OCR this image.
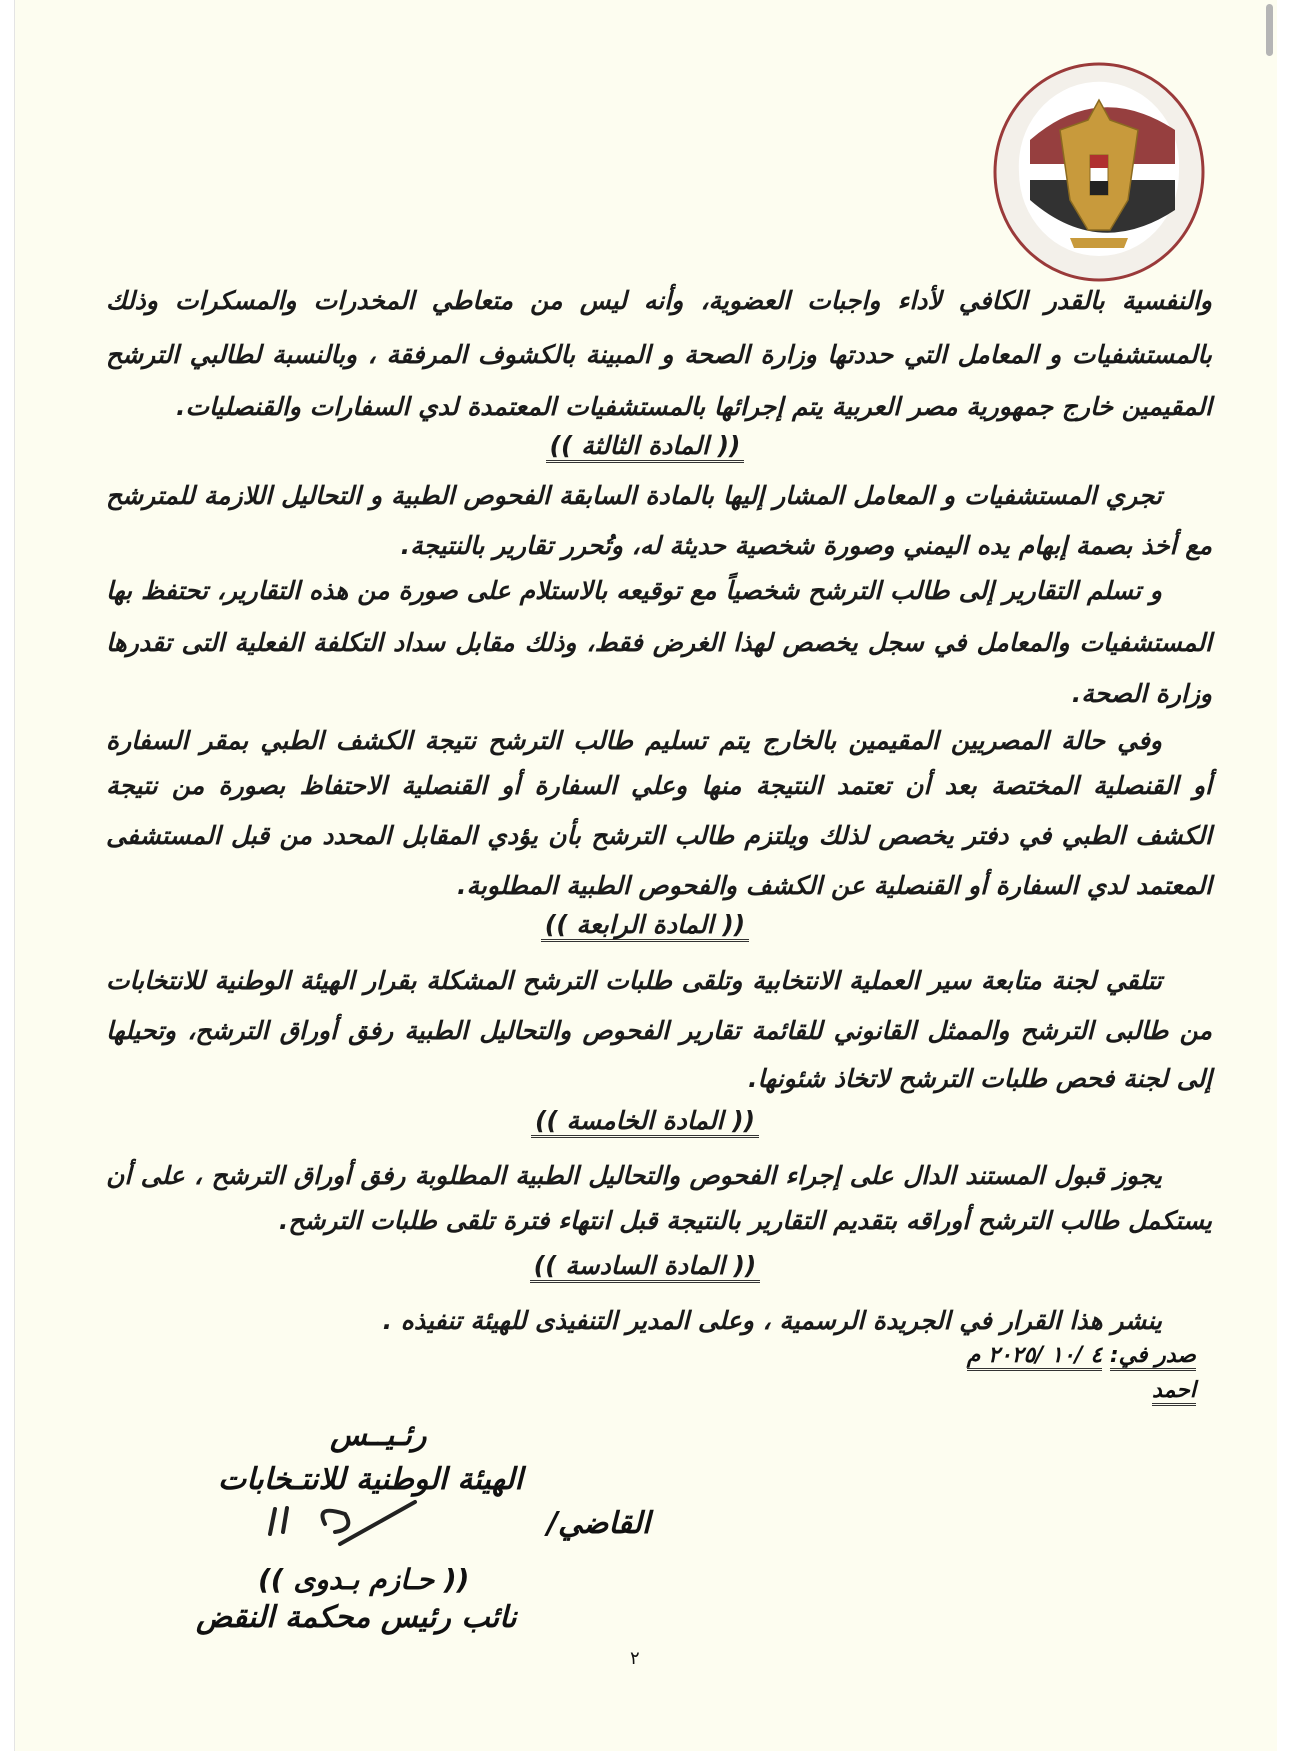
والنفسية بالقدر الكافي لأداء واجبات العضوية، وأنه ليس من متعاطي المخدرات والمسكرات وذلك
بالمستشفيات و المعامل التي حددتها وزارة الصحة و المبينة بالكشوف المرفقة ، وبالنسبة لطالبي الترشح
المقيمين خارج جمهورية مصر العربية يتم إجرائها بالمستشفيات المعتمدة لدي السفارات والقنصليات.
(( المادة الثالثة ))
تجري المستشفيات و المعامل المشار إليها بالمادة السابقة الفحوص الطبية و التحاليل اللازمة للمترشح
مع أخذ بصمة إبهام يده اليمني وصورة شخصية حديثة له، وتُحرر تقارير بالنتيجة.
و تسلم التقارير إلى طالب الترشح شخصياً مع توقيعه بالاستلام على صورة من هذه التقارير، تحتفظ بها
المستشفيات والمعامل في سجل يخصص لهذا الغرض فقط، وذلك مقابل سداد التكلفة الفعلية التى تقدرها
وزارة الصحة.
وفي حالة المصريين المقيمين بالخارج يتم تسليم طالب الترشح نتيجة الكشف الطبي بمقر السفارة
أو القنصلية المختصة بعد أن تعتمد النتيجة منها وعلي السفارة أو القنصلية الاحتفاظ بصورة من نتيجة
الكشف الطبي في دفتر يخصص لذلك ويلتزم طالب الترشح بأن يؤدي المقابل المحدد من قبل المستشفى
المعتمد لدي السفارة أو القنصلية عن الكشف والفحوص الطبية المطلوبة.
(( المادة الرابعة ))
تتلقي لجنة متابعة سير العملية الانتخابية وتلقى طلبات الترشح المشكلة بقرار الهيئة الوطنية للانتخابات
من طالبى الترشح والممثل القانوني للقائمة تقارير الفحوص والتحاليل الطبية رفق أوراق الترشح، وتحيلها
إلى لجنة فحص طلبات الترشح لاتخاذ شئونها.
(( المادة الخامسة ))
يجوز قبول المستند الدال على إجراء الفحوص والتحاليل الطبية المطلوبة رفق أوراق الترشح ، على أن
يستكمل طالب الترشح أوراقه بتقديم التقارير بالنتيجة قبل انتهاء فترة تلقى طلبات الترشح.
(( المادة السادسة ))
ينشر هذا القرار في الجريدة الرسمية ، وعلى المدير التنفيذى للهيئة تنفيذه .
صدر في: ٤ /١٠ /٢٠٢٥ م
احمد
رئـيــس
الهيئة الوطنية للانتـخابات
القاضي/
(( حـازم بـدوى ))
نائب رئيس محكمة النقض
٢
